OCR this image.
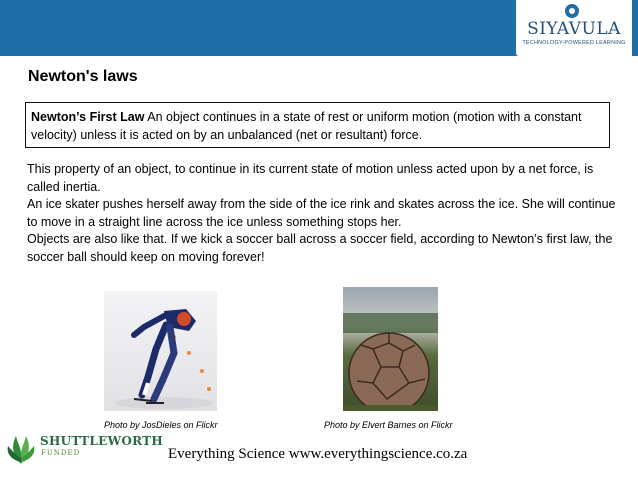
SIYAVULA
TECHNOLOGY-POWERED LEARNING
Newton's laws
Newton’s First Law An object continues in a state of rest or uniform motion (motion with a constant velocity) unless it is acted on by an unbalanced (net or resultant) force.

This property of an object, to continue in its current state of motion unless acted upon by a net force, is called inertia.

An ice skater pushes herself away from the side of the ice rink and skates across the ice. She will continue to move in a straight line across the ice unless something stops her.

Objects are also like that. If we kick a soccer ball across a soccer field, according to Newton’s first law, the soccer ball should keep on moving forever!

Photo by JosDieles on Flickr	Photo by Elvert Barnes on Flickr
SHUTTLEWORTH
FUNDED	Everything Science www.everythingscience.co.za
